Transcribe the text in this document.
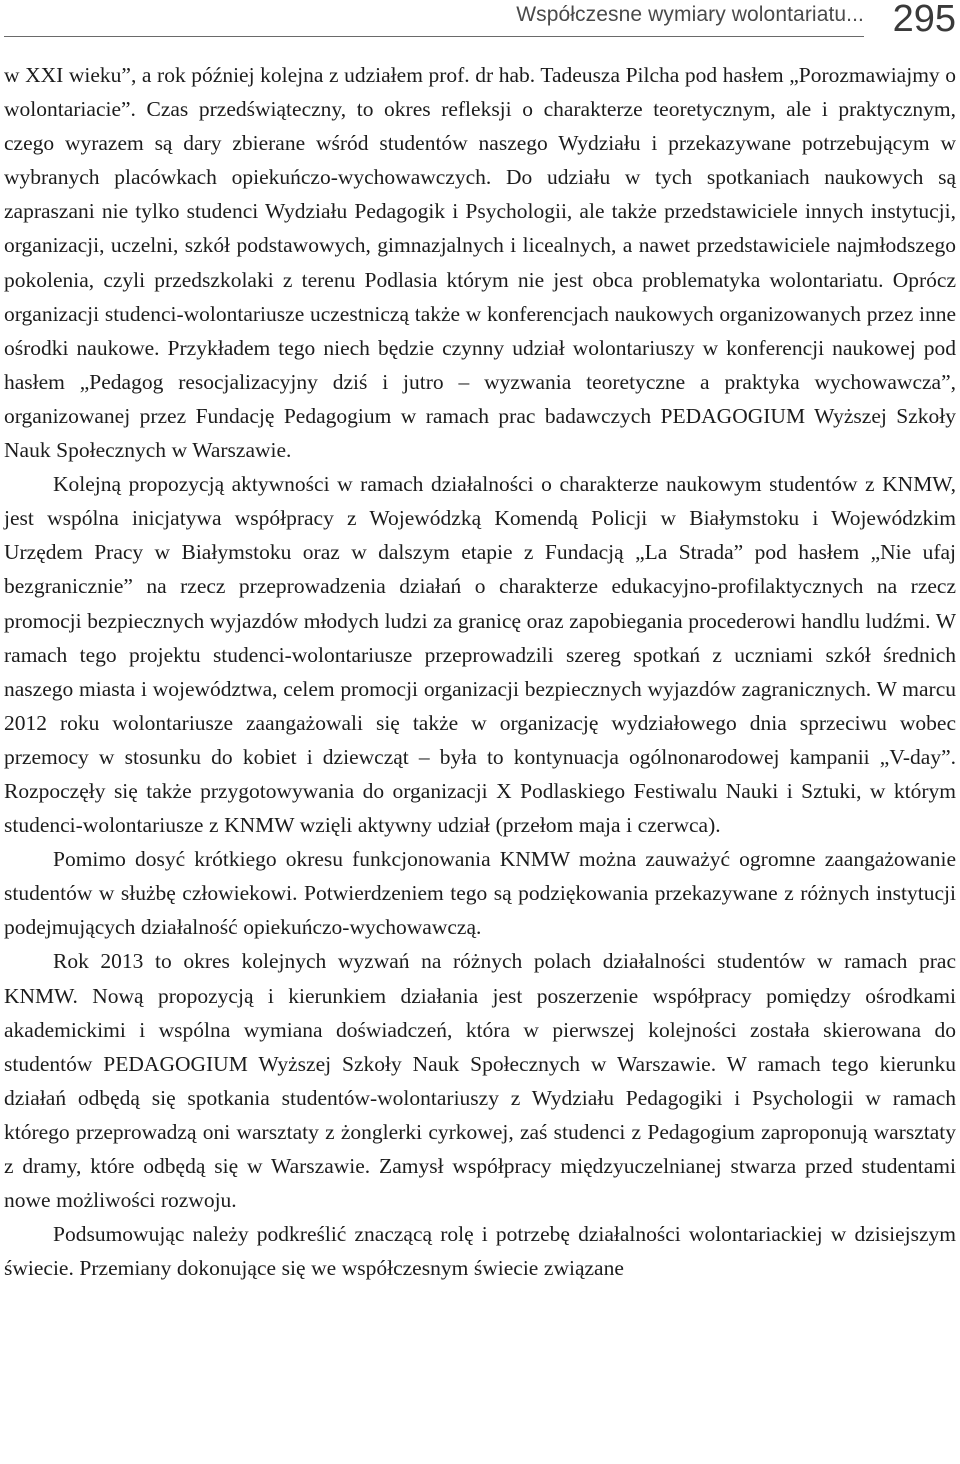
Współczesne wymiary wolontariatu... 295

w XXI wieku”, a rok później kolejna z udziałem prof. dr hab. Tadeusza Pilcha pod hasłem „Porozmawiajmy o wolontariacie”. Czas przedświąteczny, to okres refleksji o charakterze teoretycznym, ale i praktycznym, czego wyrazem są dary zbierane wśród studentów naszego Wydziału i przekazywane potrzebującym w wybranych placówkach opiekuńczo-wychowawczych. Do udziału w tych spotkaniach naukowych są zapraszani nie tylko studenci Wydziału Pedagogik i Psychologii, ale także przedstawiciele innych instytucji, organizacji, uczelni, szkół podstawowych, gimnazjalnych i licealnych, a nawet przedstawiciele najmłodszego pokolenia, czyli przedszkolaki z terenu Podlasia którym nie jest obca problematyka wolontariatu. Oprócz organizacji studenci-wolontariusze uczestniczą także w konferencjach naukowych organizowanych przez inne ośrodki naukowe. Przykładem tego niech będzie czynny udział wolontariuszy w konferencji naukowej pod hasłem „Pedagog resocjalizacyjny dziś i jutro – wyzwania teoretyczne a praktyka wychowawcza”, organizowanej przez Fundację Pedagogium w ramach prac badawczych PEDAGOGIUM Wyższej Szkoły Nauk Społecznych w Warszawie.

Kolejną propozycją aktywności w ramach działalności o charakterze naukowym studentów z KNMW, jest wspólna inicjatywa współpracy z Wojewódzką Komendą Policji w Białymstoku i Wojewódzkim Urzędem Pracy w Białymstoku oraz w dalszym etapie z Fundacją „La Strada” pod hasłem „Nie ufaj bezgranicznie” na rzecz przeprowadzenia działań o charakterze edukacyjno-profilaktycznych na rzecz promocji bezpiecznych wyjazdów młodych ludzi za granicę oraz zapobiegania procederowi handlu ludźmi. W ramach tego projektu studenci-wolontariusze przeprowadzili szereg spotkań z uczniami szkół średnich naszego miasta i województwa, celem promocji organizacji bezpiecznych wyjazdów zagranicznych. W marcu 2012 roku wolontariusze zaangażowali się także w organizację wydziałowego dnia sprzeciwu wobec przemocy w stosunku do kobiet i dziewcząt – była to kontynuacja ogólnonarodowej kampanii „V-day”. Rozpoczęły się także przygotowywania do organizacji X Podlaskiego Festiwalu Nauki i Sztuki, w którym studenci-wolontariusze z KNMW wzięli aktywny udział (przełom maja i czerwca).

Pomimo dosyć krótkiego okresu funkcjonowania KNMW można zauważyć ogromne zaangażowanie studentów w służbę człowiekowi. Potwierdzeniem tego są podziękowania przekazywane z różnych instytucji podejmujących działalność opiekuńczo-wychowawczą.

Rok 2013 to okres kolejnych wyzwań na różnych polach działalności studentów w ramach prac KNMW. Nową propozycją i kierunkiem działania jest poszerzenie współpracy pomiędzy ośrodkami akademickimi i wspólna wymiana doświadczeń, która w pierwszej kolejności została skierowana do studentów PEDAGOGIUM Wyższej Szkoły Nauk Społecznych w Warszawie. W ramach tego kierunku działań odbędą się spotkania studentów-wolontariuszy z Wydziału Pedagogiki i Psychologii w ramach którego przeprowadzą oni warsztaty z żonglerki cyrkowej, zaś studenci z Pedagogium zaproponują warsztaty z dramy, które odbędą się w Warszawie. Zamysł współpracy międzyuczelnianej stwarza przed studentami nowe możliwości rozwoju.

Podsumowując należy podkreślić znaczącą rolę i potrzebę działalności wolontariackiej w dzisiejszym świecie. Przemiany dokonujące się we współczesnym świecie związane
